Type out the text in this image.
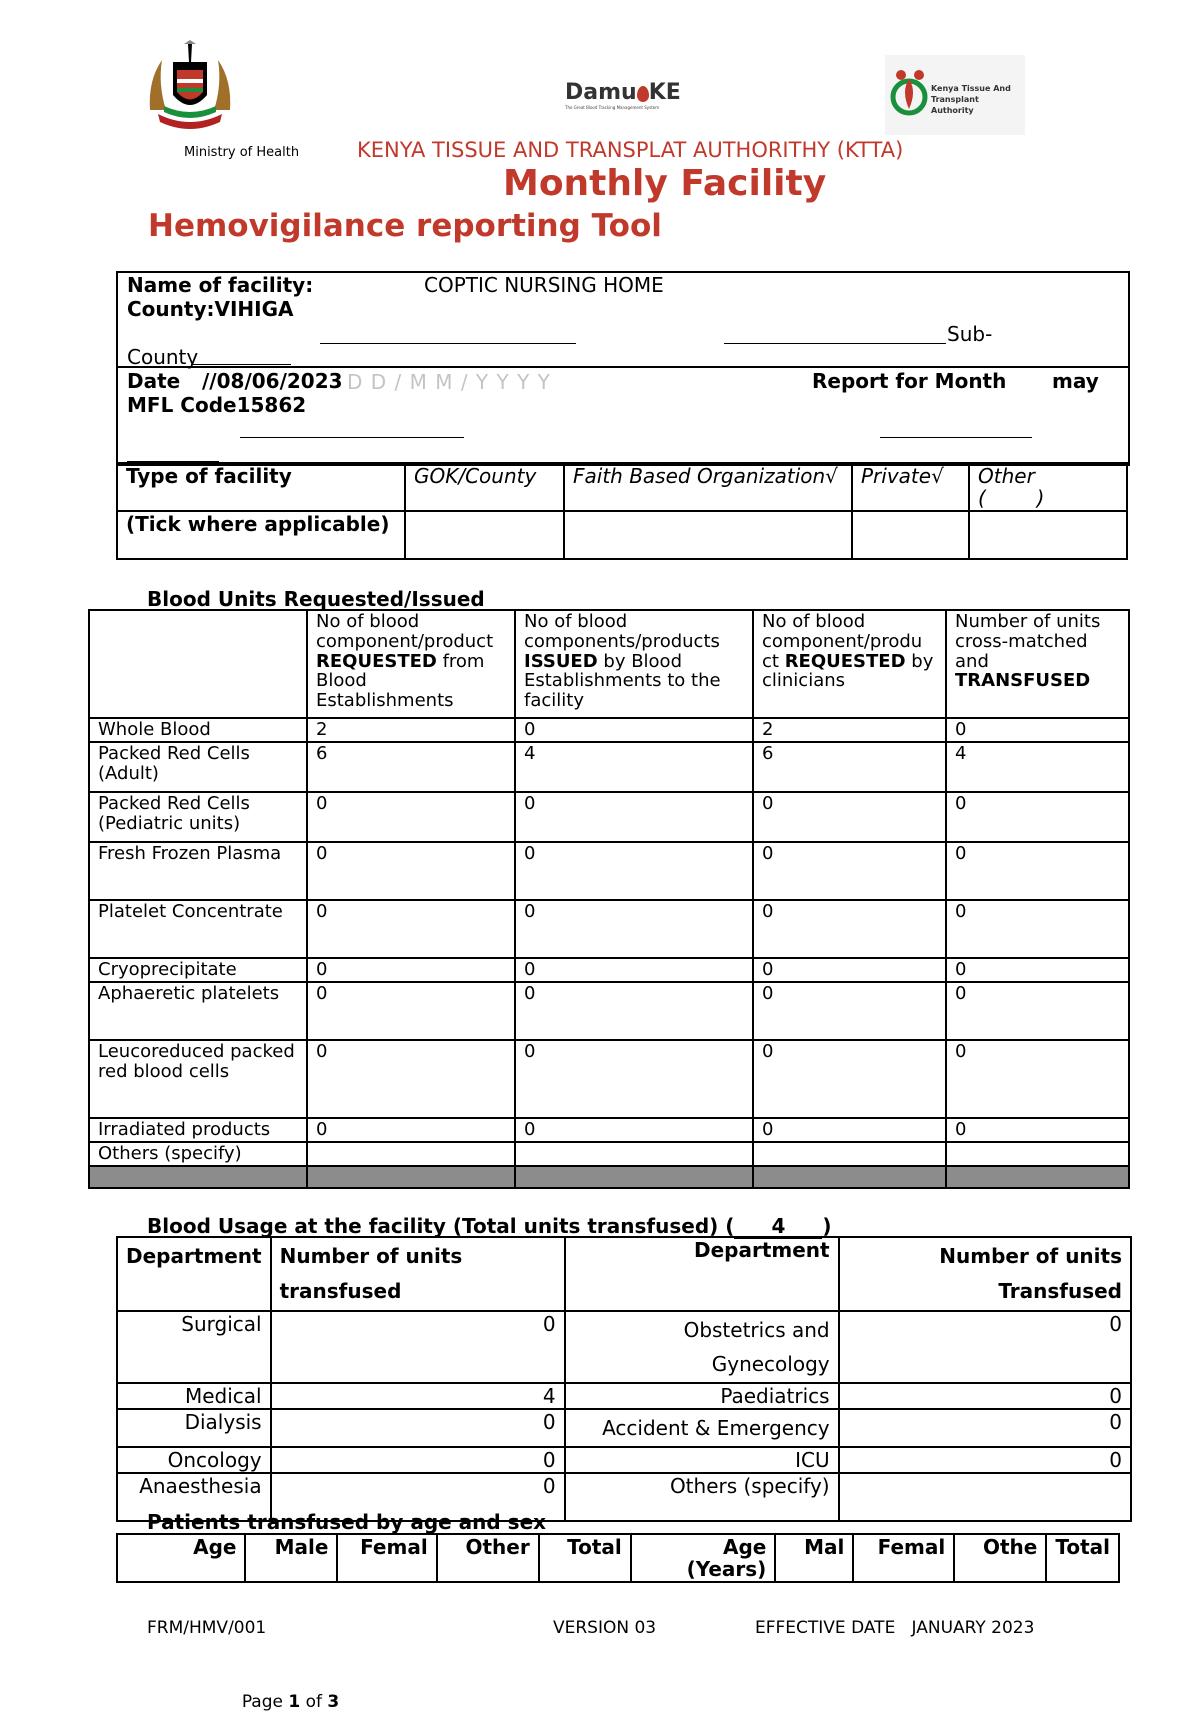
Ministry of Health
Damu KE
The Great Blood Tracking Management System
Kenya Tissue And Transplant Authority
KENYA TISSUE AND TRANSPLAT AUTHORITHY (KTTA)
Monthly Facility
Hemovigilance reporting Tool
Name of facility:	COPTIC NURSING HOME
County:VIHIGA
Sub-
County
Date //08/06/2023 D D / M M / Y Y Y Y	Report for Month may
MFL Code15862
Type of facility	GOK/County	Faith Based Organization√	Private√	Other
(        )

(Tick where applicable)				
Blood Units Requested/Issued
	No of blood component/product REQUESTED from Blood Establishments	No of blood components/products ISSUED by Blood Establishments to the facility	No of blood component/produ ct REQUESTED by clinicians	Number of units cross-matched and TRANSFUSED
Whole Blood	2	0	2	0
Packed Red Cells (Adult)	6	4	6	4
Packed Red Cells (Pediatric units)	0	0	0	0
Fresh Frozen Plasma	0	0	0	0
Platelet Concentrate	0	0	0	0
Cryoprecipitate	0	0	0	0
Aphaeretic platelets	0	0	0	0
Leucoreduced packed red blood cells	0	0	0	0
Irradiated products	0	0	0	0
Others (specify)				

Blood Usage at the facility (Total units transfused) ( 4 )
Department	Number of units transfused	Department	Number of units Transfused
Surgical	0	Obstetrics and Gynecology	0
Medical	4	Paediatrics	0
Dialysis	0	Accident & Emergency	0
Oncology	0	ICU	0
Anaesthesia	0	Others (specify)	
Patients transfused by age and sex
Age	Male	Femal	Other	Total	Age (Years)	Mal	Femal	Othe	Total
FRM/HMV/001	VERSION 03	EFFECTIVE DATE   JANUARY 2023

Page 1 of 3
